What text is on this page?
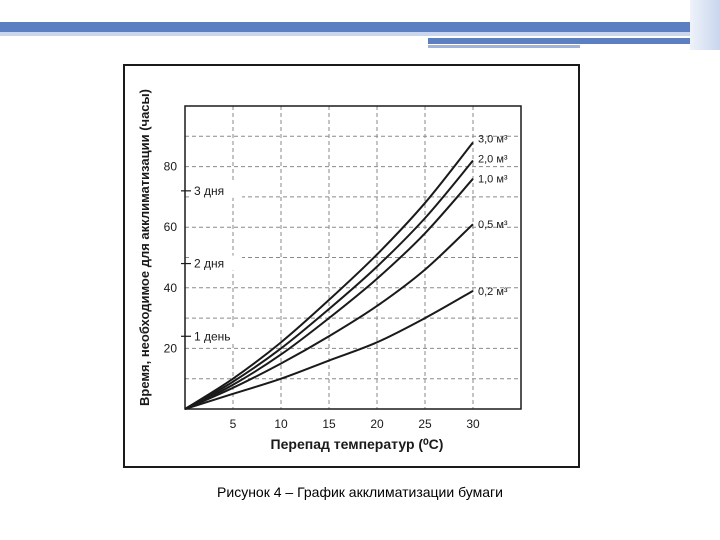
5	10	15	20	25	30
20
40
60
80
1 день
2 дня
3 дня
3,0 м³
2,0 м³
1,0 м³
0,5 м³
0,2 м³
Перепад температур (⁰С)
Время, необходимое для акклиматизации (часы)
Рисунок 4 – График акклиматизации бумаги
